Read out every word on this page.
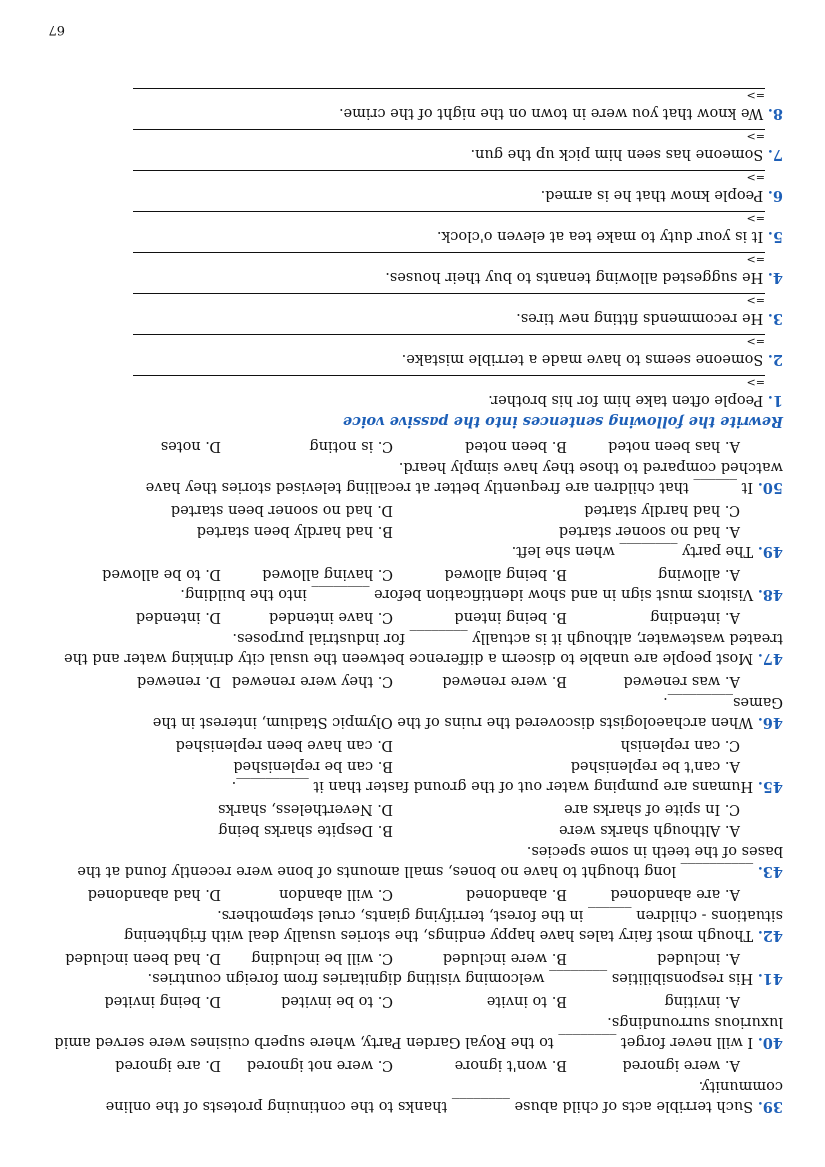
39. Such terrible acts of child abuse ________ thanks to the continuing protests of the online
community.
A. were ignored
B. won't ignore
C. were not ignored
D. are ignored
40. I will never forget ________ to the Royal Garden Party, where superb cuisines were served amid
luxurious surroundings.
A. inviting
B. to invite
C. to be invited
D. being invited
41. His responsibilities ________ welcoming visiting dignitaries from foreign countries.
A. included
B. were included
C. will be including
D. had been included
42. Though most fairy tales have happy endings, the stories usually deal with frightening
situations - children ______ in the forest, terrifying giants, cruel stepmothers.
A. are abandoned
B. abandoned
C. will abandon
D. had abandoned
43. __________ long thought to have no bones, small amounts of bone were recently found at the
bases of the teeth in some species.
A. Although sharks were
B. Despite sharks being
C. In spite of sharks are
D. Nevertheless, sharks
45. Humans are pumping water out of the ground faster than it __________.
A. can't be replenished
B. can be replenished
C. can replenish
D. can have been replenished
46. When archaeologists discovered the ruins of the Olympic Stadium, interest in the
Games_________.
A. was renewed
B. were renewed
C. they were renewed
D. renewed
47. Most people are unable to discern a difference between the usual city drinking water and the
treated wastewater, although it is actually ________ for industrial purposes.
A. intending
B. being intend
C. have intended
D. intended
48. Visitors must sign in and show identification before ________ into the building.
A. allowing
B. being allowed
C. having allowed
D. to be allowed
49. The party ________ when she left.
A. had no sooner started
B. had hardly been started
C. had hardly started
D. had no sooner been started
50. It ______ that children are frequently better at recalling televised stories they have
watched compared to those they have simply heard.
A. has been noted
B. been noted
C. is noting
D. notes
Rewrite the following sentences into the passive voice
1. People often take him for his brother.
=>
2. Someone seems to have made a terrible mistake.
=>
3. He recommends fitting new tires.
=>
4. He suggested allowing tenants to buy their houses.
=>
5. It is your duty to make tea at eleven o'clock.
=>
6. People know that he is armed.
=>
7. Someone has seen him pick up the gun.
=>
8. We know that you were in town on the night of the crime.
=>
67
